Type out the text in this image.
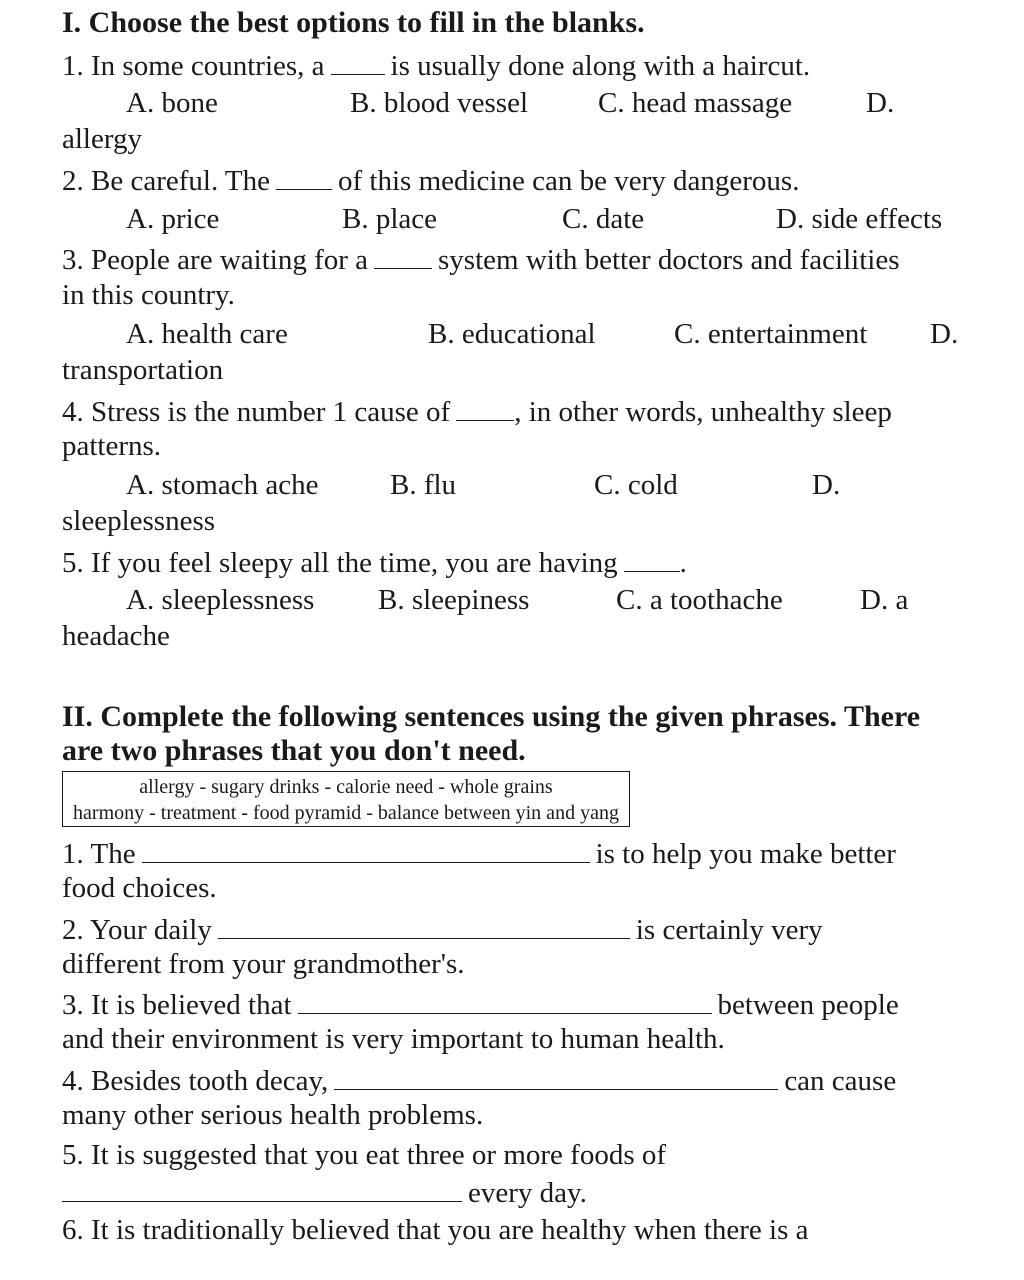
I. Choose the best options to fill in the blanks.
1. In some countries, a is usually done along with a haircut.
A. bone	B. blood vessel C. head massage	D.
allergy
2. Be careful. The of this medicine can be very dangerous.
A. price	B. place	C. date	D. side effects
3. People are waiting for a system with better doctors and facilities
in this country.
A. health care	B. educational	C. entertainment D.
transportation
4. Stress is the number 1 cause of , in other words, unhealthy sleep
patterns.
A. stomach ache B. flu	C. cold	D.
sleeplessness
5. If you feel sleepy all the time, you are having .
A. sleeplessness B. sleepiness	C. a toothache	D. a
headache
II. Complete the following sentences using the given phrases. There
are two phrases that you don't need.
allergy - sugary drinks - calorie need - whole grains
harmony - treatment - food pyramid - balance between yin and yang
1. The	is to help you make better
food choices.
2. Your daily	is certainly very
different from your grandmother's.
3. It is believed that	between people
and their environment is very important to human health.
4. Besides tooth decay,	can cause
many other serious health problems.
5. It is suggested that you eat three or more foods of
every day.
6. It is traditionally believed that you are healthy when there is a
